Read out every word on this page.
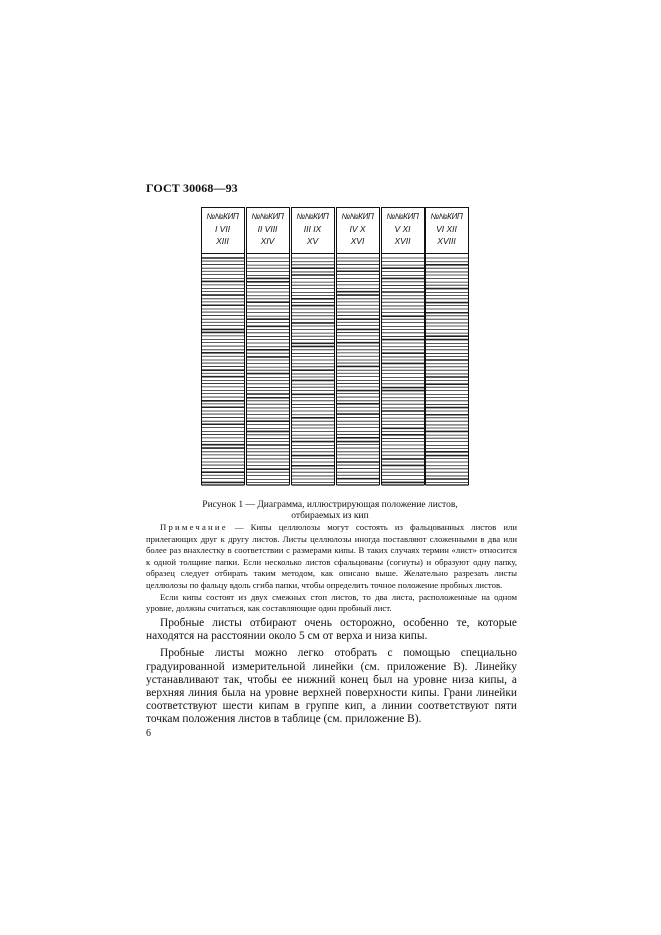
ГОСТ 30068—93
№№КИП
I VII
XIII
№№КИП
II VIII
XIV
№№КИП
III IX
XV
№№КИП
IV X
XVI
№№КИП
V XI
XVII
№№КИП
VI XII
XVIII
Рисунок 1 — Диаграмма, иллюстрирующая положение листов,
отбираемых из кип

Примечание — Кипы целлюлозы могут состоять из фальцованных листов или прилегающих друг к другу листов. Листы целлюлозы иногда поставляют сложенными в два или более раз внахлестку в соответствии с размерами кипы. В таких случаях термин «лист» относится к одной толщине папки. Если несколько листов сфальцованы (согнуты) и образуют одну папку, образец следует отбирать таким методом, как описано выше. Желательно разрезать листы целлюлозы по фальцу вдоль сгиба папки, чтобы определить точное положение пробных листов.

Если кипы состоят из двух смежных стоп листов, то два листа, расположенные на одном уровне, должны считаться, как составляющие один пробный лист.

Пробные листы отбирают очень осторожно, особенно те, которые находятся на расстоянии около 5 см от верха и низа кипы.

Пробные листы можно легко отобрать с помощью специально градуированной измерительной линейки (см. приложение В). Линейку устанавливают так, чтобы ее нижний конец был на уровне низа кипы, а верхняя линия была на уровне верхней поверхности кипы. Грани линейки соответствуют шести кипам в группе кип, а линии соответствуют пяти точкам положения листов в таблице (см. приложение В).

6
